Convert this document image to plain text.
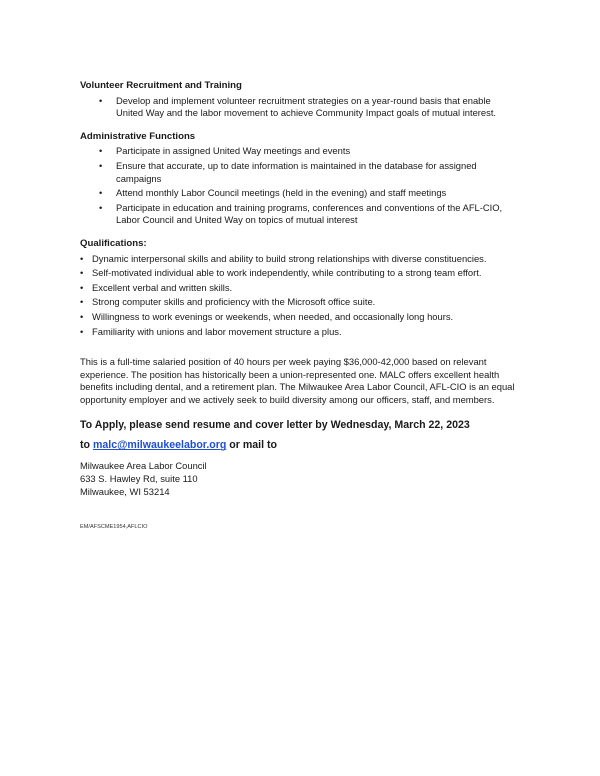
Volunteer Recruitment and Training
• Develop and implement volunteer recruitment strategies on a year-round basis that enable United Way and the labor movement to achieve Community Impact goals of mutual interest.
Administrative Functions
• Participate in assigned United Way meetings and events
• Ensure that accurate, up to date information is maintained in the database for assigned campaigns
• Attend monthly Labor Council meetings (held in the evening) and staff meetings
• Participate in education and training programs, conferences and conventions of the AFL-CIO, Labor Council and United Way on topics of mutual interest
Qualifications:
• Dynamic interpersonal skills and ability to build strong relationships with diverse constituencies.
• Self-motivated individual able to work independently, while contributing to a strong team effort.
• Excellent verbal and written skills.
• Strong computer skills and proficiency with the Microsoft office suite.
• Willingness to work evenings or weekends, when needed, and occasionally long hours.
• Familiarity with unions and labor movement structure a plus.

This is a full-time salaried position of 40 hours per week paying $36,000-42,000 based on relevant experience. The position has historically been a union-represented one. MALC offers excellent health benefits including dental, and a retirement plan. The Milwaukee Area Labor Council, AFL-CIO is an equal opportunity employer and we actively seek to build diversity among our officers, staff, and members.

To Apply, please send resume and cover letter by Wednesday, March 22, 2023

to malc@milwaukeelabor.org or mail to

Milwaukee Area Labor Council
633 S. Hawley Rd, suite 110
Milwaukee, WI 53214
EM/AFSCME1954,AFLCIO
